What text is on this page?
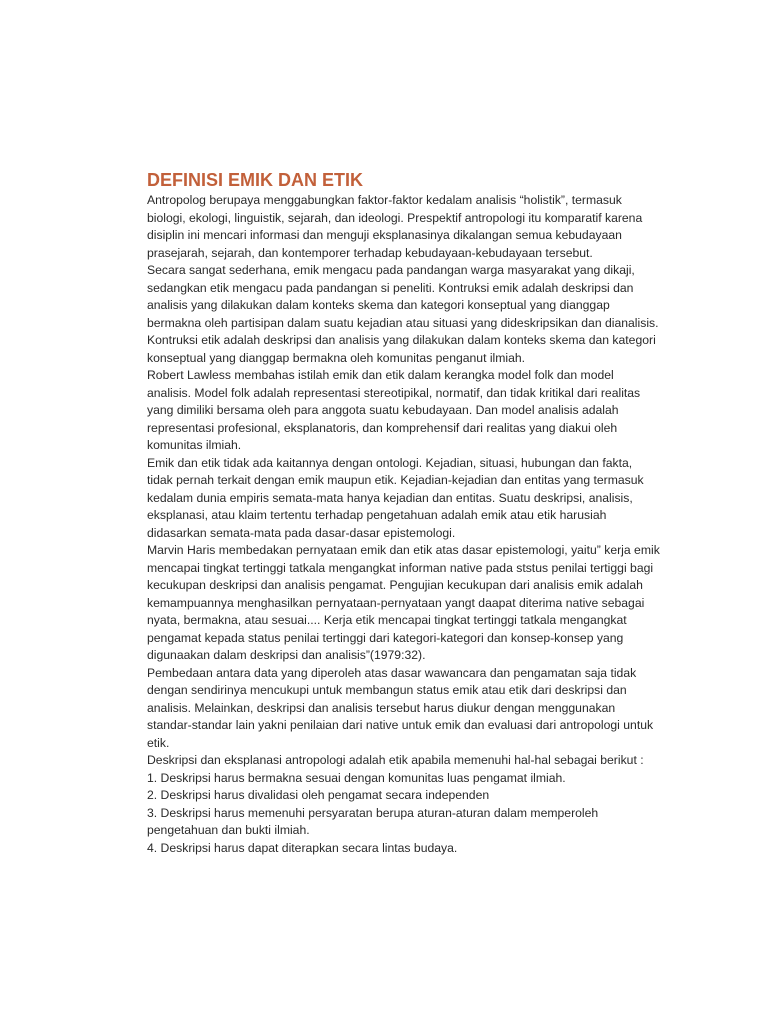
DEFINISI EMIK DAN ETIK

Antropolog berupaya menggabungkan faktor-faktor kedalam analisis “holistik”, termasuk biologi, ekologi, linguistik, sejarah, dan ideologi. Prespektif antropologi itu komparatif karena disiplin ini mencari informasi dan menguji eksplanasinya dikalangan semua kebudayaan prasejarah, sejarah, dan kontemporer terhadap kebudayaan-kebudayaan tersebut.

Secara sangat sederhana, emik mengacu pada pandangan warga masyarakat yang dikaji, sedangkan etik mengacu pada pandangan si peneliti. Kontruksi emik adalah deskripsi dan analisis yang dilakukan dalam konteks skema dan kategori konseptual yang dianggap bermakna oleh partisipan dalam suatu kejadian atau situasi yang dideskripsikan dan dianalisis. Kontruksi etik adalah deskripsi dan analisis yang dilakukan dalam konteks skema dan kategori konseptual yang dianggap bermakna oleh komunitas penganut ilmiah.

Robert Lawless membahas istilah emik dan etik dalam kerangka model folk dan model analisis. Model folk adalah representasi stereotipikal, normatif, dan tidak kritikal dari realitas yang dimiliki bersama oleh para anggota suatu kebudayaan. Dan model analisis adalah representasi profesional, eksplanatoris, dan komprehensif dari realitas yang diakui oleh komunitas ilmiah.

Emik dan etik tidak ada kaitannya dengan ontologi. Kejadian, situasi, hubungan dan fakta, tidak pernah terkait dengan emik maupun etik. Kejadian-kejadian dan entitas yang termasuk kedalam dunia empiris semata-mata hanya kejadian dan entitas. Suatu deskripsi, analisis, eksplanasi, atau klaim tertentu terhadap pengetahuan adalah emik atau etik harusiah didasarkan semata-mata pada dasar-dasar epistemologi.

Marvin Haris membedakan pernyataan emik dan etik atas dasar epistemologi, yaitu” kerja emik mencapai tingkat tertinggi tatkala mengangkat informan native pada ststus penilai tertiggi bagi kecukupan deskripsi dan analisis pengamat. Pengujian kecukupan dari analisis emik adalah kemampuannya menghasilkan pernyataan-pernyataan yangt daapat diterima native sebagai nyata, bermakna, atau sesuai.... Kerja etik mencapai tingkat tertinggi tatkala mengangkat pengamat kepada status penilai tertinggi dari kategori-kategori dan konsep-konsep yang digunaakan dalam deskripsi dan analisis”(1979:32).

Pembedaan antara data yang diperoleh atas dasar wawancara dan pengamatan saja tidak dengan sendirinya mencukupi untuk membangun status emik atau etik dari deskripsi dan analisis. Melainkan, deskripsi dan analisis tersebut harus diukur dengan menggunakan standar-standar lain yakni penilaian dari native untuk emik dan evaluasi dari antropologi untuk etik.

Deskripsi dan eksplanasi antropologi adalah etik apabila memenuhi hal-hal sebagai berikut :

1. Deskripsi harus bermakna sesuai dengan komunitas luas pengamat ilmiah.

2. Deskripsi harus divalidasi oleh pengamat secara independen

3. Deskripsi harus memenuhi persyaratan berupa aturan-aturan dalam memperoleh pengetahuan dan bukti ilmiah.

4. Deskripsi harus dapat diterapkan secara lintas budaya.
